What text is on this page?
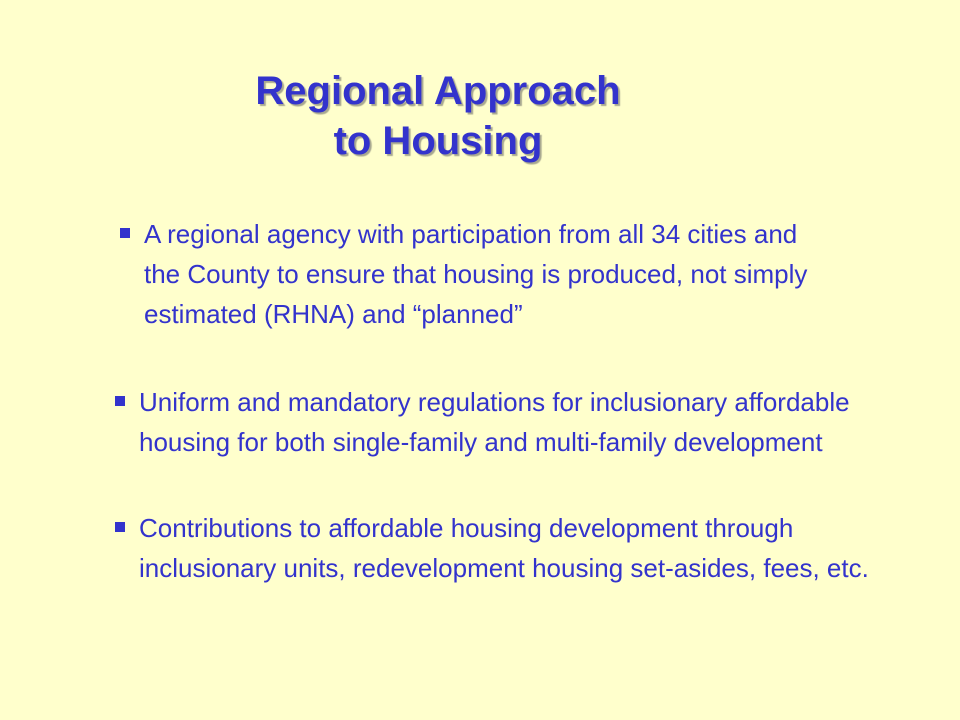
Regional Approach
to Housing
A regional agency with participation from all 34 cities and the County to ensure that housing is produced, not simply estimated (RHNA) and “planned”
Uniform and mandatory regulations for inclusionary affordable housing for both single-family and multi-family development
Contributions to affordable housing development through inclusionary units, redevelopment housing set-asides, fees, etc.
